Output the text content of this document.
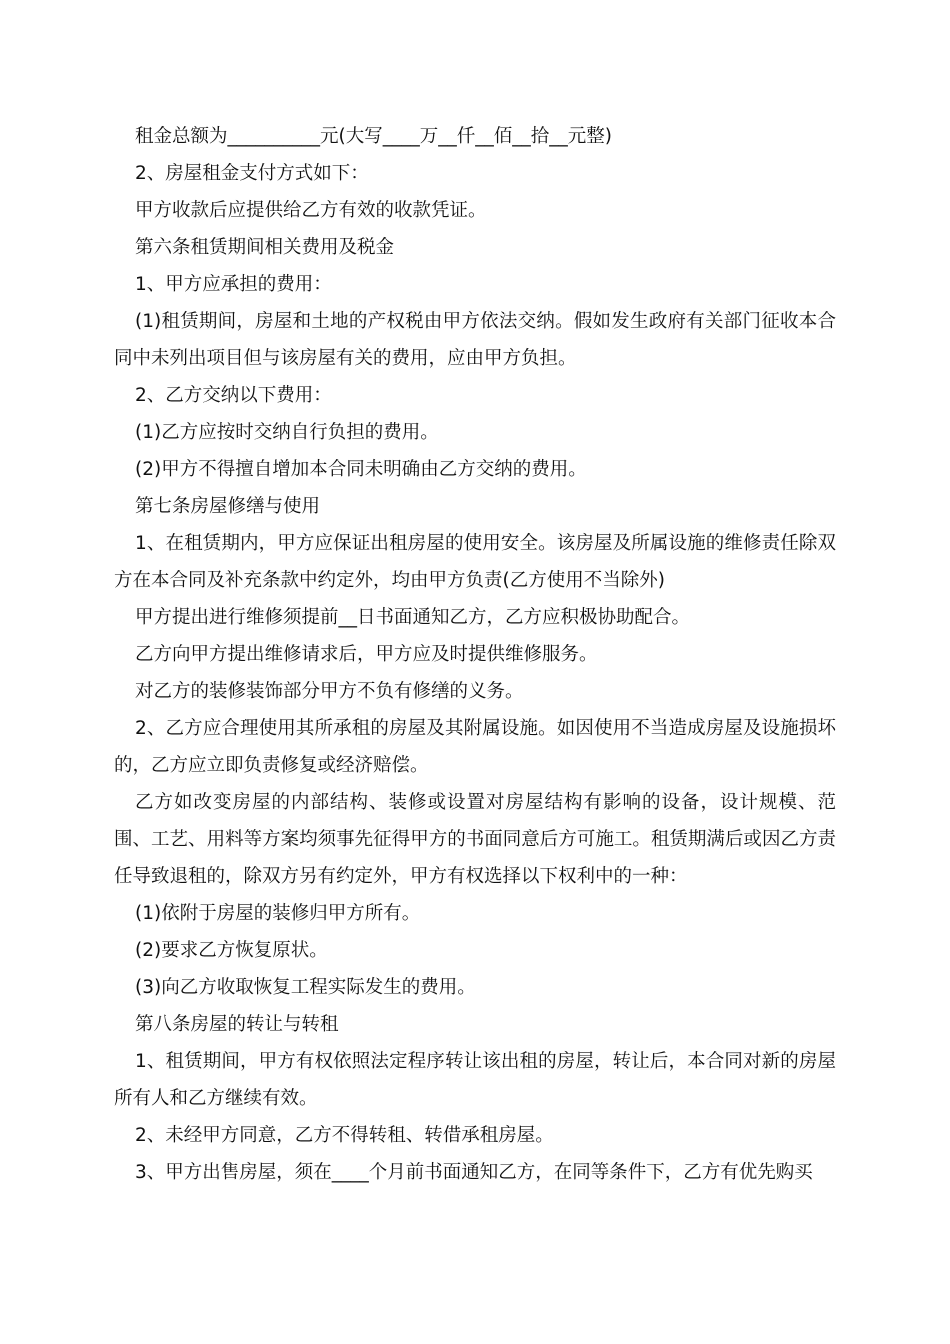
租金总额为__________元(大写____万__仟__佰__拾__元整)

2、房屋租金支付方式如下：

甲方收款后应提供给乙方有效的收款凭证。

第六条租赁期间相关费用及税金

1、甲方应承担的费用：

(1)租赁期间，房屋和土地的产权税由甲方依法交纳。假如发生政府有关部门征收本合同中未列出项目但与该房屋有关的费用，应由甲方负担。

2、乙方交纳以下费用：

(1)乙方应按时交纳自行负担的费用。

(2)甲方不得擅自增加本合同未明确由乙方交纳的费用。

第七条房屋修缮与使用

1、在租赁期内，甲方应保证出租房屋的使用安全。该房屋及所属设施的维修责任除双方在本合同及补充条款中约定外，均由甲方负责(乙方使用不当除外)

甲方提出进行维修须提前__日书面通知乙方，乙方应积极协助配合。

乙方向甲方提出维修请求后，甲方应及时提供维修服务。

对乙方的装修装饰部分甲方不负有修缮的义务。

2、乙方应合理使用其所承租的房屋及其附属设施。如因使用不当造成房屋及设施损坏的，乙方应立即负责修复或经济赔偿。

乙方如改变房屋的内部结构、装修或设置对房屋结构有影响的设备，设计规模、范围、工艺、用料等方案均须事先征得甲方的书面同意后方可施工。租赁期满后或因乙方责任导致退租的，除双方另有约定外，甲方有权选择以下权利中的一种：

(1)依附于房屋的装修归甲方所有。

(2)要求乙方恢复原状。

(3)向乙方收取恢复工程实际发生的费用。

第八条房屋的转让与转租

1、租赁期间，甲方有权依照法定程序转让该出租的房屋，转让后，本合同对新的房屋所有人和乙方继续有效。

2、未经甲方同意，乙方不得转租、转借承租房屋。

3、甲方出售房屋，须在____个月前书面通知乙方，在同等条件下，乙方有优先购买
